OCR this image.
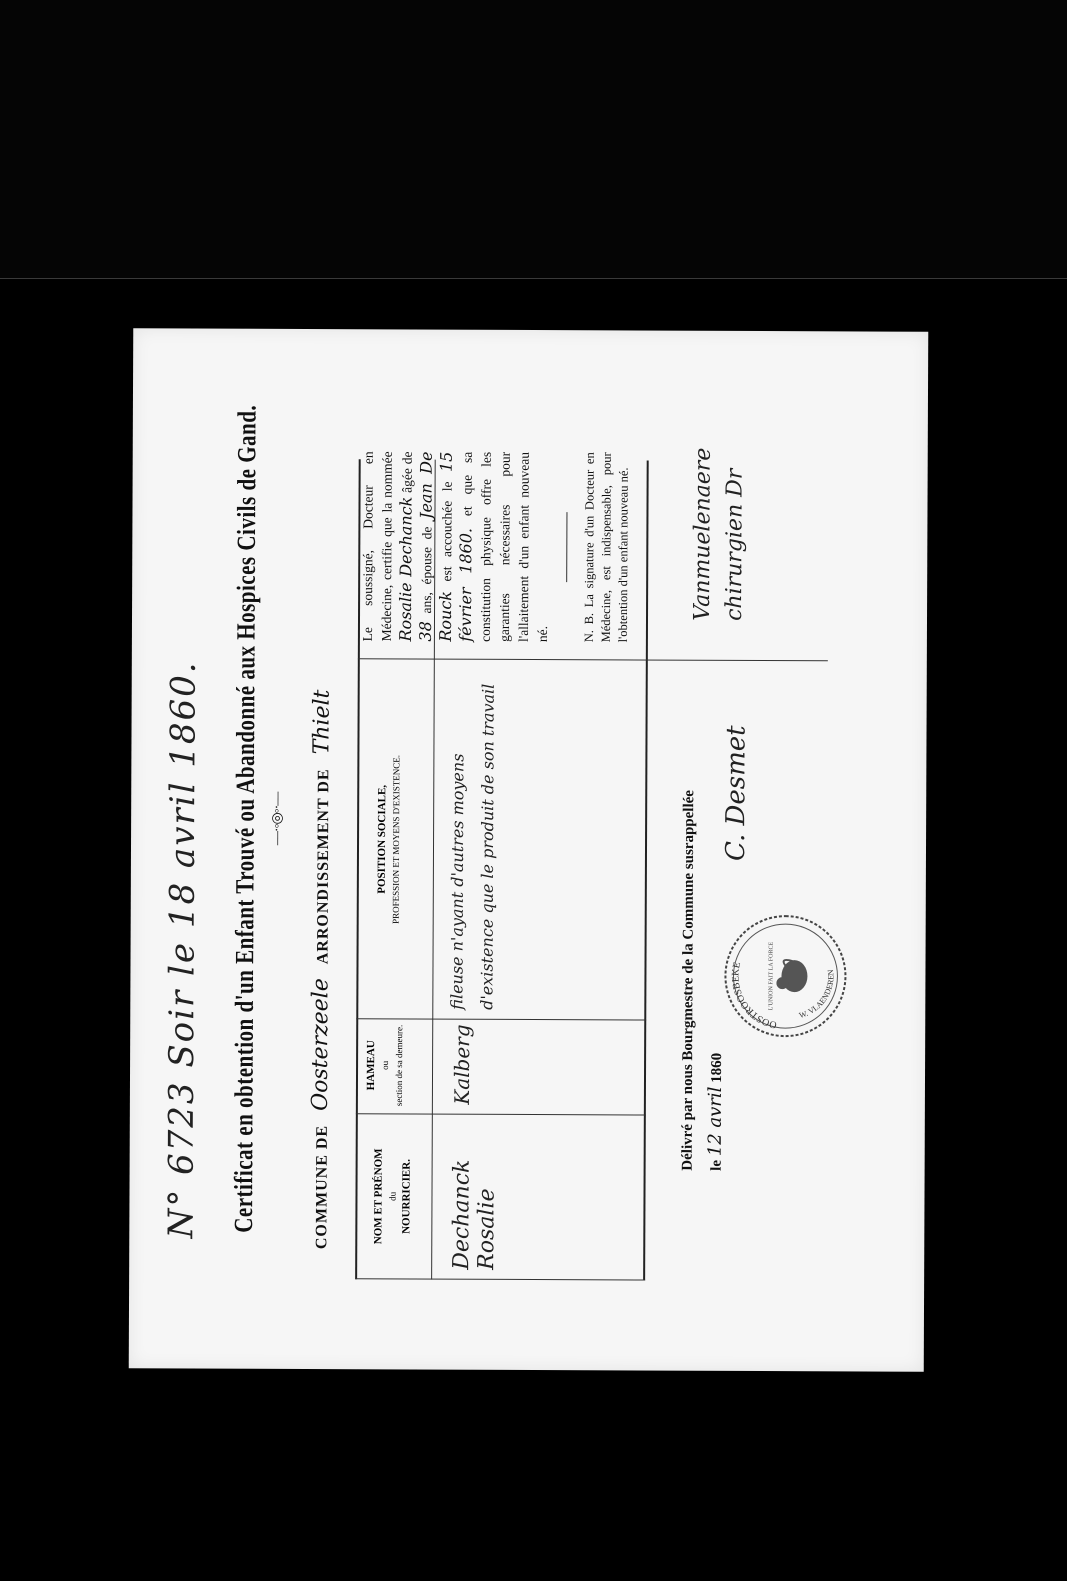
N° 6723 Soir le 18 avril 1860. Certificat en obtention d'un Enfant Trouvé ou Abandonné aux Hospices Civils de Gand. —·◦◎◦·—
COMMUNE DE Oosterzeele ARRONDISSEMENT DE Thielt
NOM ET PRÉNOM du NOURRICIER.
HAMEAU ou section de sa demeure.
POSITION SOCIALE, PROFESSION ET MOYENS D'EXISTENCE.
Dechanck Rosalie
Kalberg
fileuse n'ayant d'autres moyens d'existence que le produit de son travail
Le soussigné, Docteur en Médecine, certifie que la nommée Rosalie Dechanck âgée de 38 ans, épouse de Jean De Rouck est accouchée le 15 février 1860. et que sa constitution physique offre les garanties nécessaires pour l'allaitement d'un enfant nouveau né.	N. B. La signature d'un Docteur en Médecine, est indispensable, pour l'obtention d'un enfant nouveau né.	Vanmuelenaere chirurgien Dr
Délivré par nous Bourgmestre de la Commune susrappellée le 12 avril 1860
C. Desmet
OOSTROOSBEKE
W. VLAENDEREN
L'UNION FAIT LA FORCE
